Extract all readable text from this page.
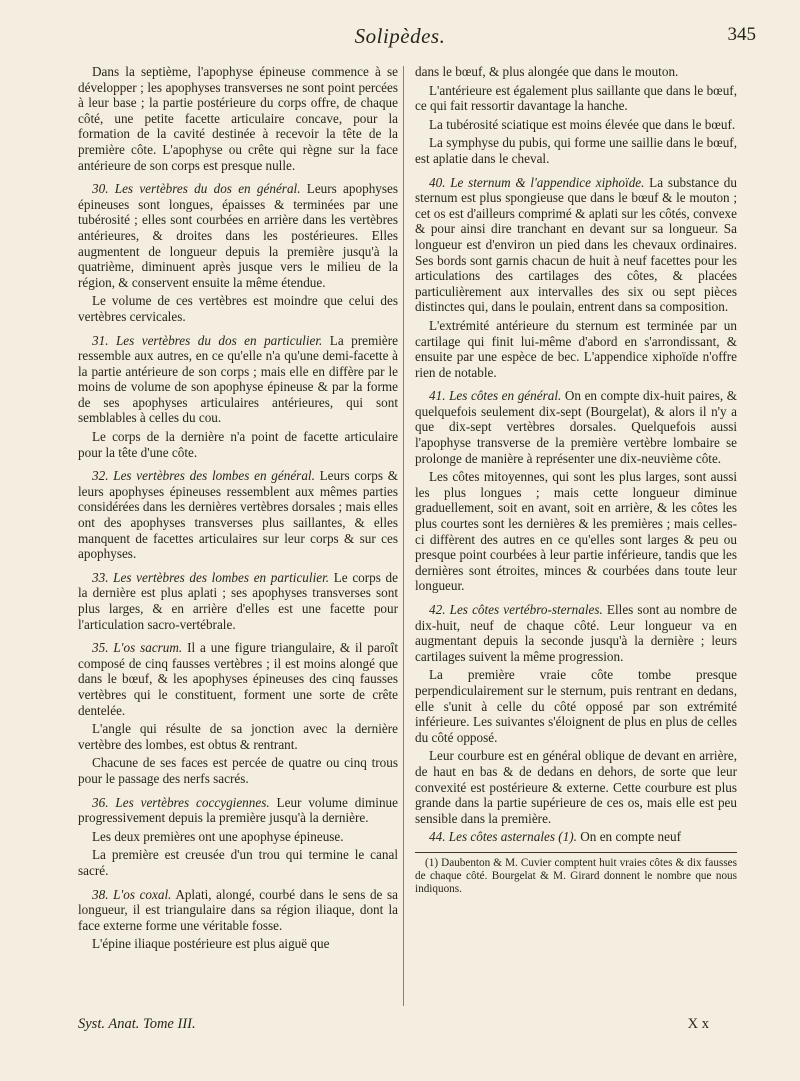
Solipèdes.	345

Dans la septième, l'apophyse épineuse commence à se développer ; les apophyses transverses ne sont point percées à leur base ; la partie postérieure du corps offre, de chaque côté, une petite facette articulaire concave, pour la formation de la cavité destinée à recevoir la tête de la première côte. L'apophyse ou crête qui règne sur la face antérieure de son corps est presque nulle.

30. Les vertèbres du dos en général. Leurs apophyses épineuses sont longues, épaisses & terminées par une tubérosité ; elles sont courbées en arrière dans les vertèbres antérieures, & droites dans les postérieures. Elles augmentent de longueur depuis la première jusqu'à la quatrième, diminuent après jusque vers le milieu de la région, & conservent ensuite la même étendue.

Le volume de ces vertèbres est moindre que celui des vertèbres cervicales.

31. Les vertèbres du dos en particulier. La première ressemble aux autres, en ce qu'elle n'a qu'une demi-facette à la partie antérieure de son corps ; mais elle en diffère par le moins de volume de son apophyse épineuse & par la forme de ses apophyses articulaires antérieures, qui sont semblables à celles du cou.

Le corps de la dernière n'a point de facette articulaire pour la tête d'une côte.

32. Les vertèbres des lombes en général. Leurs corps & leurs apophyses épineuses ressemblent aux mêmes parties considérées dans les dernières vertèbres dorsales ; mais elles ont des apophyses transverses plus saillantes, & elles manquent de facettes articulaires sur leur corps & sur ces apophyses.

33. Les vertèbres des lombes en particulier. Le corps de la dernière est plus aplati ; ses apophyses transverses sont plus larges, & en arrière d'elles est une facette pour l'articulation sacro-vertébrale.

35. L'os sacrum. Il a une figure triangulaire, & il paroît composé de cinq fausses vertèbres ; il est moins alongé que dans le bœuf, & les apophyses épineuses des cinq fausses vertèbres qui le constituent, forment une sorte de crête dentelée.

L'angle qui résulte de sa jonction avec la dernière vertèbre des lombes, est obtus & rentrant.

Chacune de ses faces est percée de quatre ou cinq trous pour le passage des nerfs sacrés.

36. Les vertèbres coccygiennes. Leur volume diminue progressivement depuis la première jusqu'à la dernière.

Les deux premières ont une apophyse épineuse.

La première est creusée d'un trou qui termine le canal sacré.

38. L'os coxal. Aplati, alongé, courbé dans le sens de sa longueur, il est triangulaire dans sa région iliaque, dont la face externe forme une véritable fosse.

L'épine iliaque postérieure est plus aiguë que

dans le bœuf, & plus alongée que dans le mouton.

L'antérieure est également plus saillante que dans le bœuf, ce qui fait ressortir davantage la hanche.

La tubérosité sciatique est moins élevée que dans le bœuf.

La symphyse du pubis, qui forme une saillie dans le bœuf, est aplatie dans le cheval.

40. Le sternum & l'appendice xiphoïde. La substance du sternum est plus spongieuse que dans le bœuf & le mouton ; cet os est d'ailleurs comprimé & aplati sur les côtés, convexe & pour ainsi dire tranchant en devant sur sa longueur. Sa longueur est d'environ un pied dans les chevaux ordinaires. Ses bords sont garnis chacun de huit à neuf facettes pour les articulations des cartilages des côtes, & placées particulièrement aux intervalles des six ou sept pièces distinctes qui, dans le poulain, entrent dans sa composition.

L'extrémité antérieure du sternum est terminée par un cartilage qui finit lui-même d'abord en s'arrondissant, & ensuite par une espèce de bec. L'appendice xiphoïde n'offre rien de notable.

41. Les côtes en général. On en compte dix-huit paires, & quelquefois seulement dix-sept (Bourgelat), & alors il n'y a que dix-sept vertèbres dorsales. Quelquefois aussi l'apophyse transverse de la première vertèbre lombaire se prolonge de manière à représenter une dix-neuvième côte.

Les côtes mitoyennes, qui sont les plus larges, sont aussi les plus longues ; mais cette longueur diminue graduellement, soit en avant, soit en arrière, & les côtes les plus courtes sont les dernières & les premières ; mais celles-ci diffèrent des autres en ce qu'elles sont larges & peu ou presque point courbées à leur partie inférieure, tandis que les dernières sont étroites, minces & courbées dans toute leur longueur.

42. Les côtes vertébro-sternales. Elles sont au nombre de dix-huit, neuf de chaque côté. Leur longueur va en augmentant depuis la seconde jusqu'à la dernière ; leurs cartilages suivent la même progression.

La première vraie côte tombe presque perpendiculairement sur le sternum, puis rentrant en dedans, elle s'unit à celle du côté opposé par son extrémité inférieure. Les suivantes s'éloignent de plus en plus de celles du côté opposé.

Leur courbure est en général oblique de devant en arrière, de haut en bas & de dedans en dehors, de sorte que leur convexité est postérieure & externe. Cette courbure est plus grande dans la partie supérieure de ces os, mais elle est peu sensible dans la première.

44. Les côtes asternales (1). On en compte neuf

(1) Daubenton & M. Cuvier comptent huit vraies côtes & dix fausses de chaque côté. Bourgelat & M. Girard donnent le nombre que nous indiquons.

Syst. Anat. Tome III.	X x
